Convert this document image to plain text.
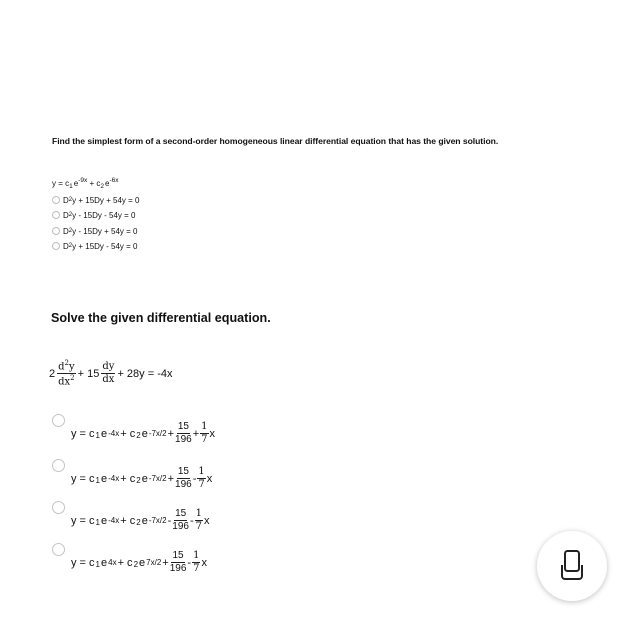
Find the simplest form of a second-order homogeneous linear differential equation that has the given solution.
$y = c_1e^{-9x} + c_2e^{-6x}$
D 2 y + 15Dy + 54y = 0
D 2 y - 15Dy - 54y = 0
D 2 y - 15Dy + 54y = 0
D 2 y + 15Dy - 54y = 0
Solve the given differential equation.
$2 \frac{d^2y}{dx^2} + 15 \frac{dy}{dx} + 28y = -4x$
y = c 1 e -4x + c 2 e $-7x/2 + \frac{15}{196} + \frac{1}{7}$ x
y = c 1 e -4x + c 2 e $-7x/2 + \frac{15}{196} - \frac{1}{7}$ x
y = c 1 e -4x + c 2 e $-7x/2 - \frac{15}{196} - \frac{1}{7}$ x
y = c 1 e 4x + c 2 e $7x/2 + \frac{15}{196} - \frac{1}{7}$ x
